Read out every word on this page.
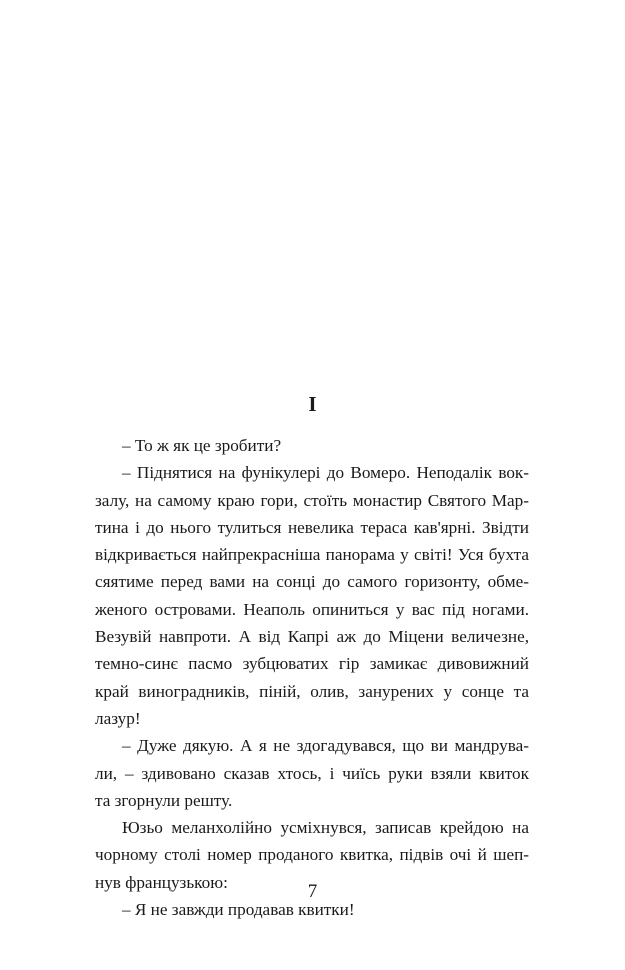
I
– То ж як це зробити?
– Піднятися на фунікулері до Вомеро. Неподалік вок-
залу, на самому краю гори, стоїть монастир Святого Мар-
тина і до нього тулиться невелика тераса кав'ярні. Звідти
відкривається найпрекрасніша панорама у світі! Уся бухта
сяятиме перед вами на сонці до самого горизонту, обме-
женого островами. Неаполь опиниться у вас під ногами.
Везувій навпроти. А від Капрі аж до Міцени величезне,
темно-синє пасмо зубцюватих гір замикає дивовижний
край виноградників, піній, олив, занурених у сонце та
лазур!
– Дуже дякую. А я не здогадувався, що ви мандрува-
ли, – здивовано сказав хтось, і чиїсь руки взяли квиток
та згорнули решту.
Юзьо меланхолійно усміхнувся, записав крейдою на
чорному столі номер проданого квитка, підвів очі й шеп-
нув французькою:
– Я не завжди продавав квитки!
7
